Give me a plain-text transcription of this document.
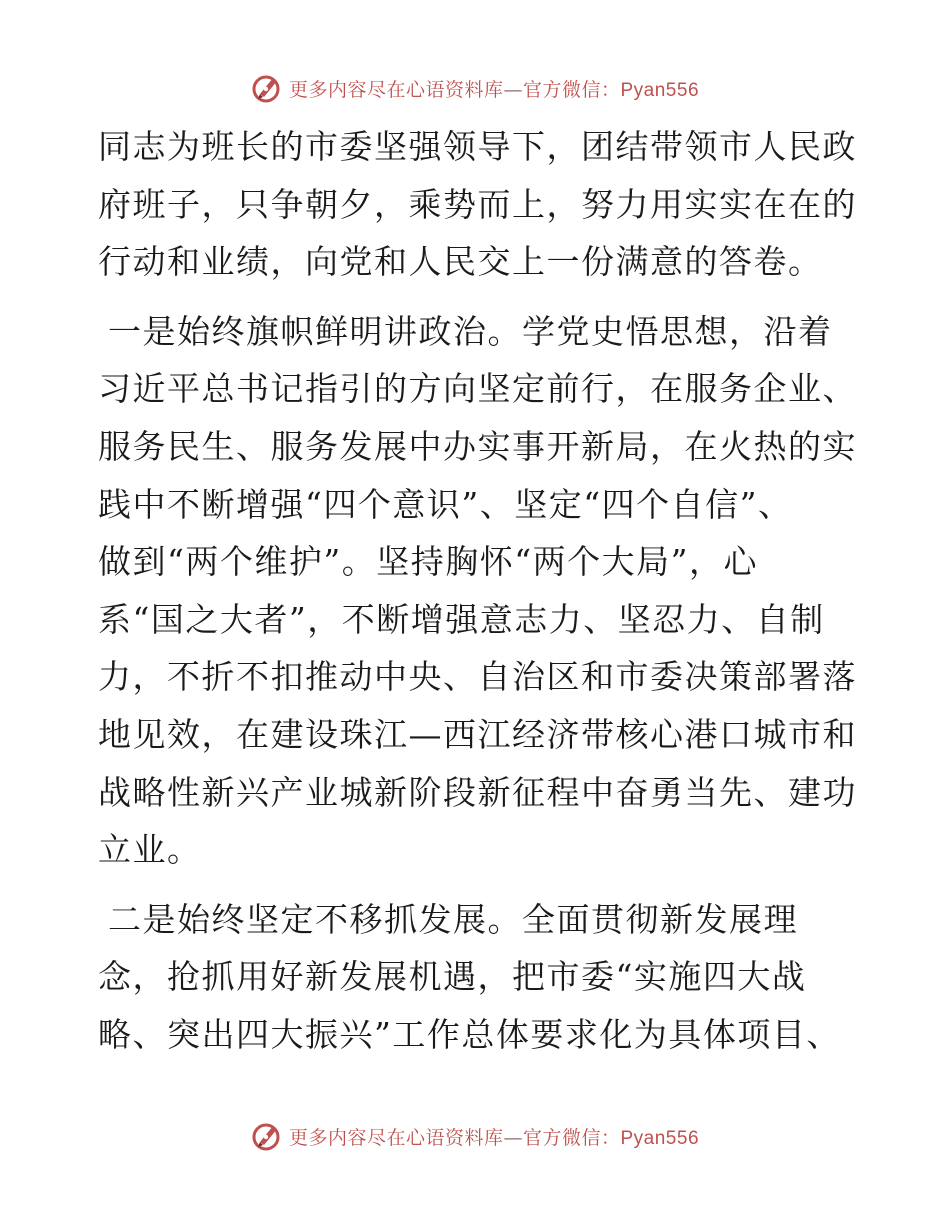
更多内容尽在心语资料库—官方微信：Pyan556

同志为班长的市委坚强领导下，团结带领市人民政
府班子，只争朝夕，乘势而上，努力用实实在在的
行动和业绩，向党和人民交上一份满意的答卷。

一是始终旗帜鲜明讲政治。学党史悟思想，沿着
习近平总书记指引的方向坚定前行，在服务企业、
服务民生、服务发展中办实事开新局，在火热的实
践中不断增强“四个意识”、坚定“四个自信”、
做到“两个维护”。坚持胸怀“两个大局”，心
系“国之大者”，不断增强意志力、坚忍力、自制
力，不折不扣推动中央、自治区和市委决策部署落
地见效，在建设珠江—西江经济带核心港口城市和
战略性新兴产业城新阶段新征程中奋勇当先、建功
立业。

二是始终坚定不移抓发展。全面贯彻新发展理
念，抢抓用好新发展机遇，把市委“实施四大战
略、突出四大振兴”工作总体要求化为具体项目、

更多内容尽在心语资料库—官方微信：Pyan556
